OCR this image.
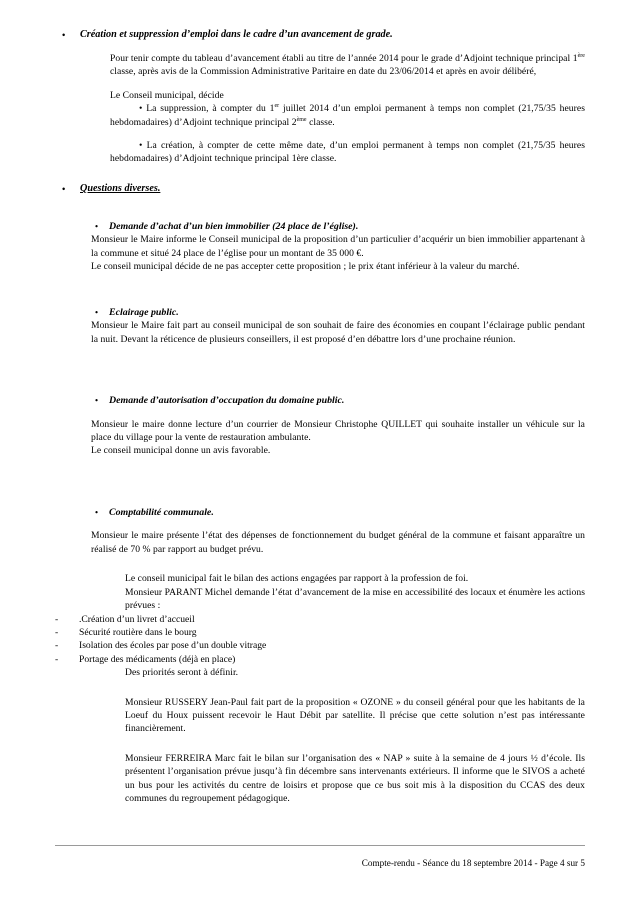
• Création et suppression d’emploi dans le cadre d’un avancement de grade.

Pour tenir compte du tableau d’avancement établi au titre de l’année 2014 pour le grade d’Adjoint technique principal 1ère classe, après avis de la Commission Administrative Paritaire en date du 23/06/2014 et après en avoir délibéré,

Le Conseil municipal, décide

• La suppression, à compter du 1er juillet 2014 d’un emploi permanent à temps non complet (21,75/35 heures hebdomadaires) d’Adjoint technique principal 2ème classe.

• La création, à compter de cette même date, d’un emploi permanent à temps non complet (21,75/35 heures hebdomadaires) d’Adjoint technique principal 1ère classe.

• Questions diverses.
• Demande d’achat d’un bien immobilier (24 place de l’église).

Monsieur le Maire informe le Conseil municipal de la proposition d’un particulier d’acquérir un bien immobilier appartenant à la commune et situé 24 place de l’église pour un montant de 35 000 €.

Le conseil municipal décide de ne pas accepter cette proposition ; le prix étant inférieur à la valeur du marché.

• Eclairage public.

Monsieur le Maire fait part au conseil municipal de son souhait de faire des économies en coupant l’éclairage public pendant la nuit. Devant la réticence de plusieurs conseillers, il est proposé d’en débattre lors d’une prochaine réunion.

• Demande d’autorisation d’occupation du domaine public.

Monsieur le maire donne lecture d’un courrier de Monsieur Christophe QUILLET qui souhaite installer un véhicule sur la place du village pour la vente de restauration ambulante.

Le conseil municipal donne un avis favorable.

• Comptabilité communale.

Monsieur le maire présente l’état des dépenses de fonctionnement du budget général de la commune et faisant apparaître un réalisé de 70 % par rapport au budget prévu.

Le conseil municipal fait le bilan des actions engagées par rapport à la profession de foi.

Monsieur PARANT Michel demande l’état d’avancement de la mise en accessibilité des locaux et énumère les actions prévues :

- .Création d’un livret d’accueil
- Sécurité routière dans le bourg
- Isolation des écoles par pose d’un double vitrage
- Portage des médicaments (déjà en place)

Des priorités seront à définir.

Monsieur RUSSERY Jean-Paul fait part de la proposition « OZONE » du conseil général pour que les habitants de la Loeuf du Houx puissent recevoir le Haut Débit par satellite. Il précise que cette solution n’est pas intéressante financièrement.

Monsieur FERREIRA Marc fait le bilan sur l’organisation des « NAP » suite à la semaine de 4 jours ½ d’école. Ils présentent l’organisation prévue jusqu’à fin décembre sans intervenants extérieurs. Il informe que le SIVOS a acheté un bus pour les activités du centre de loisirs et propose que ce bus soit mis à la disposition du CCAS des deux communes du regroupement pédagogique.

Compte-rendu - Séance du 18 septembre 2014 - Page 4 sur 5
